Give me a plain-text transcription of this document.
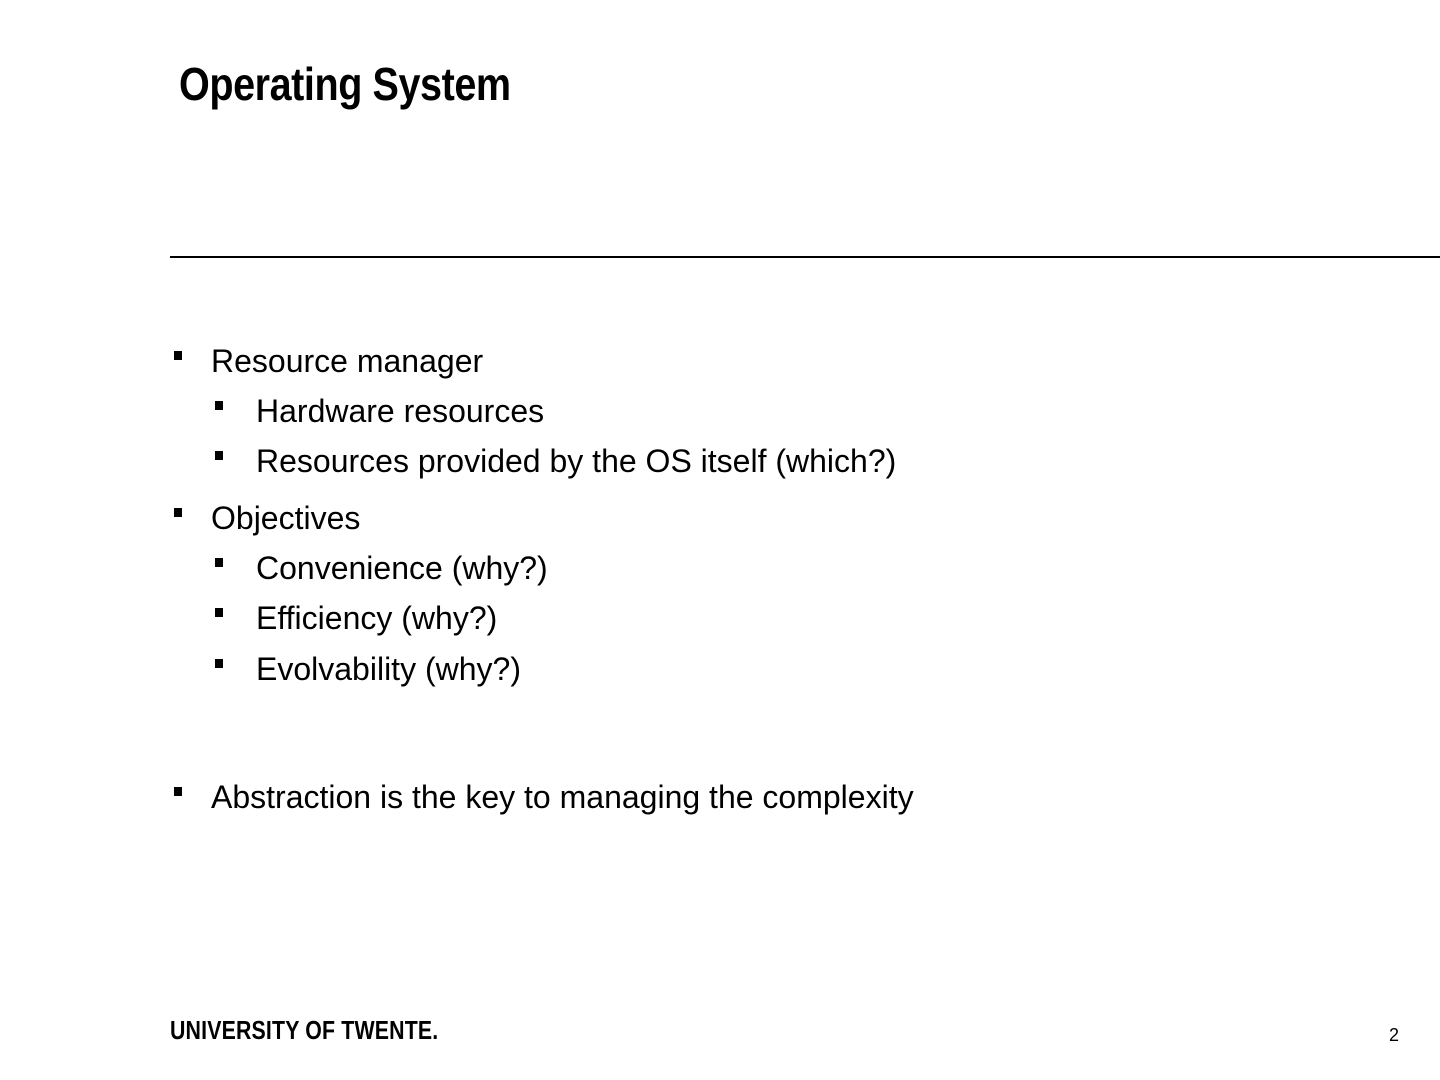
Operating System
Resource manager
Hardware resources
Resources provided by the OS itself (which?)
Objectives
Convenience (why?)
Efficiency (why?)
Evolvability (why?)
Abstraction is the key to managing the complexity
UNIVERSITY OF TWENTE.	2
